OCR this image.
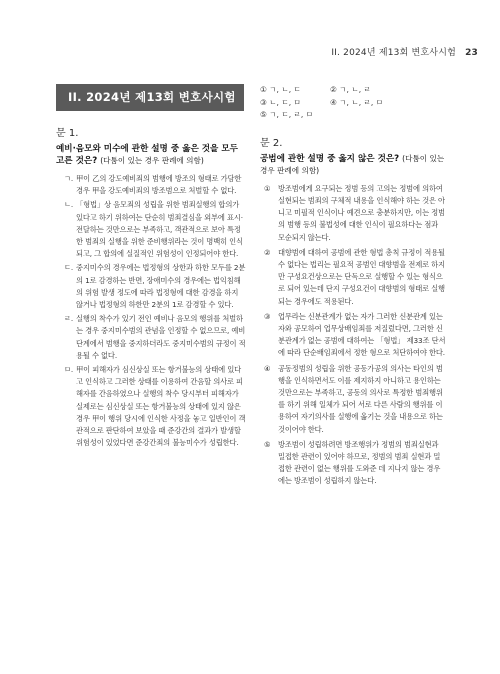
II. 2024년 제13회 변호사시험 23
II. 2024년 제13회 변호사시험
문 1.
예비·음모와 미수에 관한 설명 중 옳은 것을 모두 고른 것은? (다툼이 있는 경우 판례에 의함)
ㄱ. 甲이 乙의 강도예비죄의 범행에 방조의 형태로 가담한 경우 甲을 강도예비죄의 방조범으로 처벌할 수 없다.
ㄴ. 「형법」상 음모죄의 성립을 위한 범죄실행의 합의가 있다고 하기 위하여는 단순히 범죄결심을 외부에 표시·전달하는 것만으로는 부족하고, 객관적으로 보아 특정한 범죄의 실행을 위한 준비행위라는 것이 명백히 인식되고, 그 합의에 실질적인 위험성이 인정되어야 한다.
ㄷ. 중지미수의 경우에는 법정형의 상한과 하한 모두를 2분의 1로 감경하는 반면, 장애미수의 경우에는 법익침해의 위험 발생 정도에 따라 법정형에 대한 감경을 하지 않거나 법정형의 하한만 2분의 1로 감경할 수 있다.
ㄹ. 실행의 착수가 있기 전인 예비나 음모의 행위를 처벌하는 경우 중지미수범의 관념을 인정할 수 없으므로, 예비단계에서 범행을 중지하더라도 중지미수범의 규정이 적용될 수 없다.
ㅁ. 甲이 피해자가 심신상실 또는 항거불능의 상태에 있다고 인식하고 그러한 상태를 이용하여 간음할 의사로 피해자를 간음하였으나 실행의 착수 당시부터 피해자가 실제로는 심신상실 또는 항거불능의 상태에 있지 않은 경우 甲이 행위 당시에 인식한 사정을 놓고 일반인이 객관적으로 판단하여 보았을 때 준강간의 결과가 발생할 위험성이 있었다면 준강간죄의 불능미수가 성립한다.
① ㄱ, ㄴ, ㄷ	② ㄱ, ㄴ, ㄹ
③ ㄴ, ㄷ, ㅁ	④ ㄱ, ㄴ, ㄹ, ㅁ
⑤ ㄱ, ㄷ, ㄹ, ㅁ
문 2.
공범에 관한 설명 중 옳지 않은 것은? (다툼이 있는 경우 판례에 의함)
①	방조범에게 요구되는 정범 등의 고의는 정범에 의하여 실현되는 범죄의 구체적 내용을 인식해야 하는 것은 아니고 미필적 인식이나 예견으로 충분하지만, 이는 정범의 범행 등의 불법성에 대한 인식이 필요하다는 점과 모순되지 않는다.
②	대향범에 대하여 공범에 관한 형법 총칙 규정이 적용될 수 없다는 법리는 필요적 공범인 대향범을 전제로 하지만 구성요건상으로는 단독으로 실행할 수 있는 형식으로 되어 있는데 단지 구성요건이 대향범의 형태로 실행되는 경우에도 적용된다.
③	업무라는 신분관계가 없는 자가 그러한 신분관계 있는 자와 공모하여 업무상배임죄를 저질렀다면, 그러한 신분관계가 없는 공범에 대하여는 「형법」 제33조 단서에 따라 단순배임죄에서 정한 형으로 처단하여야 한다.
④	공동정범의 성립을 위한 공동가공의 의사는 타인의 범행을 인식하면서도 이를 제지하지 아니하고 용인하는 것만으로는 부족하고, 공동의 의사로 특정한 범죄행위를 하기 위해 일체가 되어 서로 다른 사람의 행위를 이용하여 자기의사를 실행에 옮기는 것을 내용으로 하는 것이어야 한다.
⑤	방조범이 성립하려면 방조행위가 정범의 범죄실현과 밀접한 관련이 있어야 하므로, 정범의 범죄 실현과 밀접한 관련이 없는 행위를 도와준 데 지나지 않는 경우에는 방조범이 성립하지 않는다.
